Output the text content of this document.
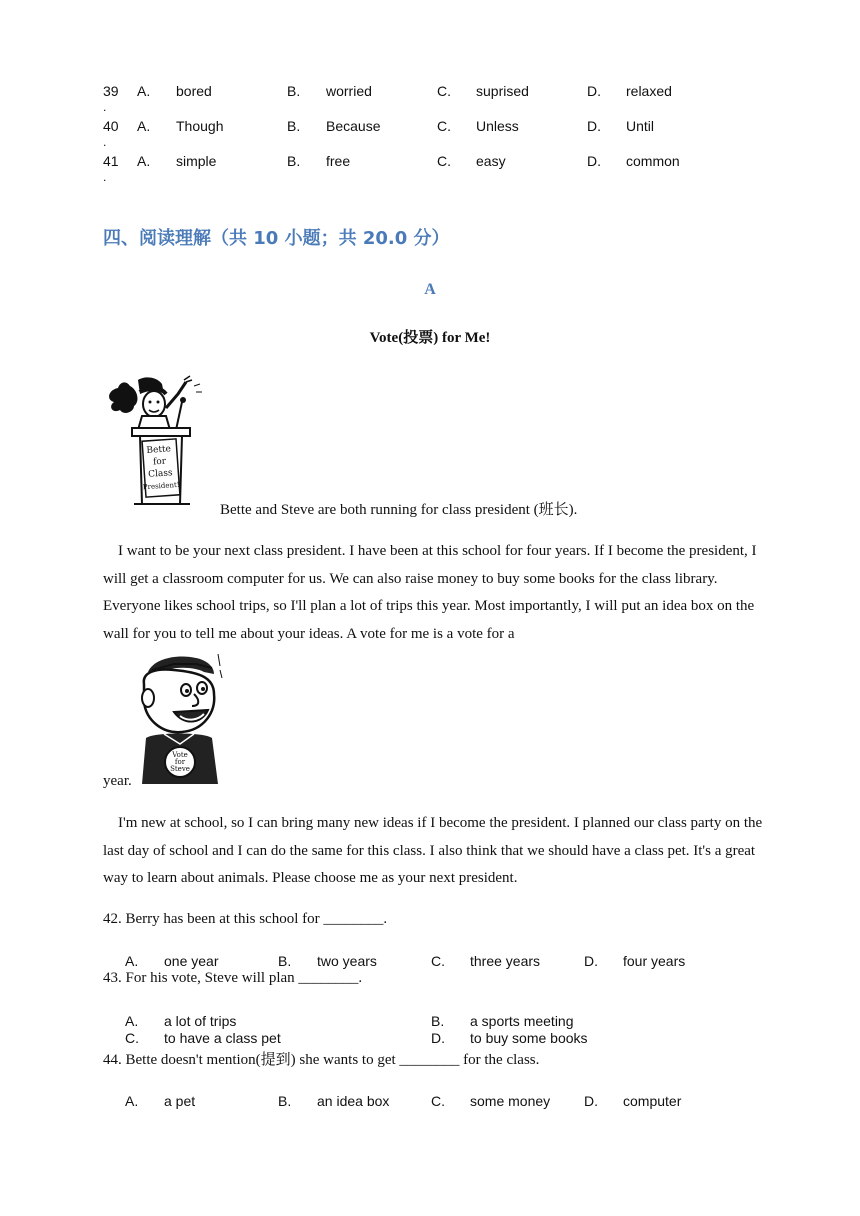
39
.
A. bored	B. worried	C. suprised	D. relaxed
40
.
A. Though	B. Because	C. Unless	D. Until
41
.
A. simple	B. free	C. easy	D. common
四、阅读理解（共 10 小题；共 20.0 分）
A
Vote(投票) for Me!
Bette
for
Class
President!
Bette and Steve are both running for class president (班长).
I want to be your next class president. I have been at this school for four years. If I become the president, I will get a classroom computer for us. We can also raise money to buy some books for the class library. Everyone likes school trips, so I'll plan a lot of trips this year. Most importantly, I will put an idea box on the wall for you to tell me about your ideas. A vote for me is a vote for a
Vote
for
Steve
year.
I'm new at school, so I can bring many new ideas if I become the president. I planned our class party on the last day of school and I can do the same for this class. I also think that we should have a class pet. It's a great way to learn about animals. Please choose me as your next president.
42. Berry has been at this school for ________.
A. one year	B. two years	C. three years	D. four years
43. For his vote, Steve will plan ________.
A. a lot of trips	B. a sports meeting
C. to have a class pet	D. to buy some books
44. Bette doesn't mention(提到) she wants to get ________ for the class.
A. a pet	B. an idea box	C. some money D. computer
